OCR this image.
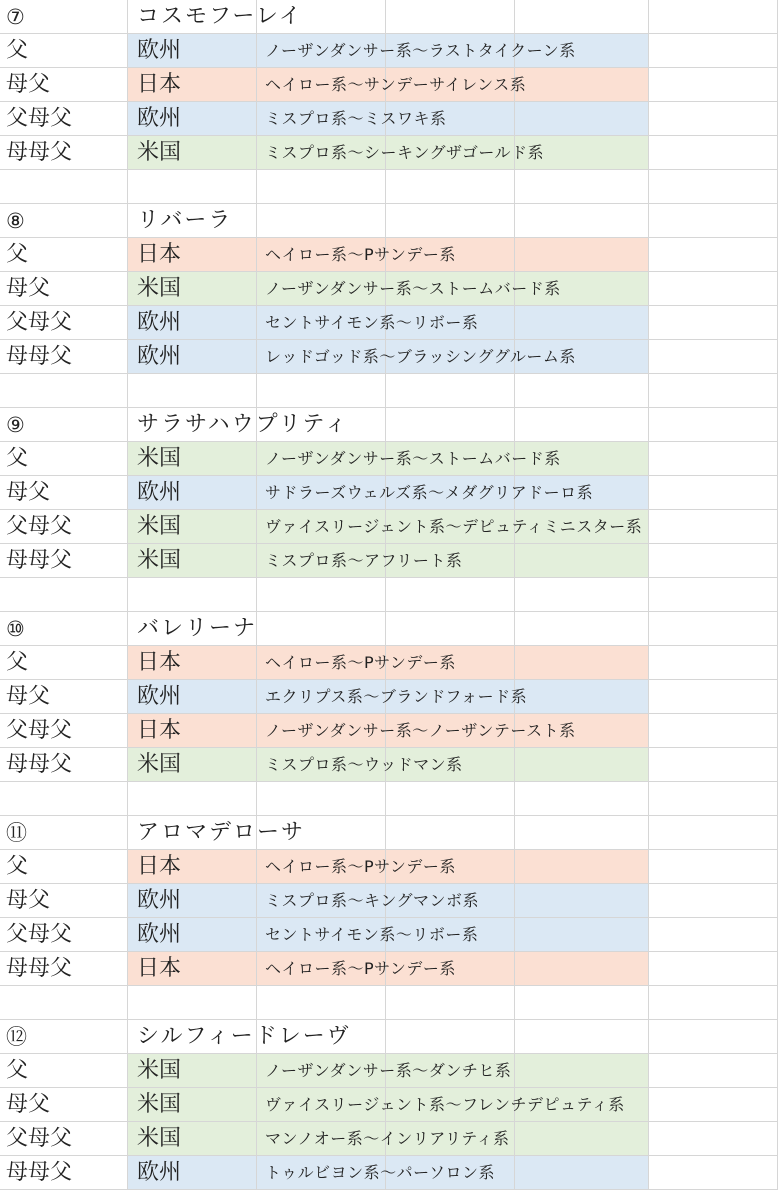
⑦	コスモフーレイ
父	欧州	ノーザンダンサー系〜ラストタイクーン系
母父	日本	ヘイロー系〜サンデーサイレンス系
父母父	欧州	ミスプロ系〜ミスワキ系
母母父	米国	ミスプロ系〜シーキングザゴールド系
⑧	リバーラ
父	日本	ヘイロー系〜Pサンデー系
母父	米国	ノーザンダンサー系〜ストームバード系
父母父	欧州	セントサイモン系〜リボー系
母母父	欧州	レッドゴッド系〜ブラッシンググルーム系
⑨	サラサハウプリティ
父	米国	ノーザンダンサー系〜ストームバード系
母父	欧州	サドラーズウェルズ系〜メダグリアドーロ系
父母父	米国	ヴァイスリージェント系〜デピュティミニスター系
母母父	米国	ミスプロ系〜アフリート系
⑩	バレリーナ
父	日本	ヘイロー系〜Pサンデー系
母父	欧州	エクリプス系〜ブランドフォード系
父母父	日本	ノーザンダンサー系〜ノーザンテースト系
母母父	米国	ミスプロ系〜ウッドマン系
⑪	アロマデローサ
父	日本	ヘイロー系〜Pサンデー系
母父	欧州	ミスプロ系〜キングマンボ系
父母父	欧州	セントサイモン系〜リボー系
母母父	日本	ヘイロー系〜Pサンデー系
⑫	シルフィードレーヴ
父	米国	ノーザンダンサー系〜ダンチヒ系
母父	米国	ヴァイスリージェント系〜フレンチデピュティ系
父母父	米国	マンノオー系〜インリアリティ系
母母父	欧州	トゥルビヨン系〜パーソロン系
